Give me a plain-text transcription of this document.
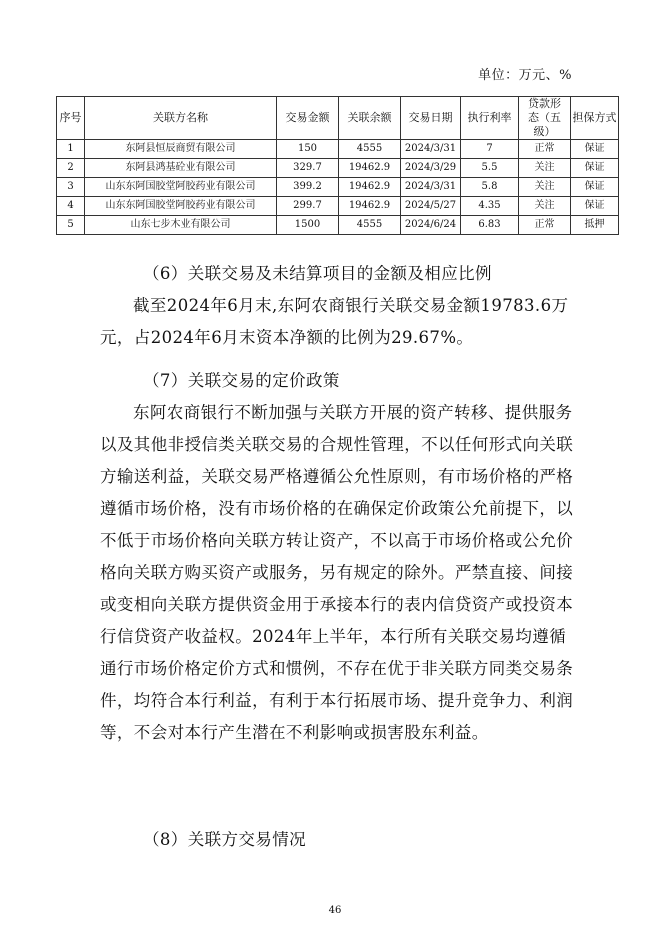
单位：万元、%
序号	关联方名称	交易金额	关联余额	交易日期	执行利率	贷款形态（五级）	担保方式
1	东阿县恒辰商贸有限公司	150	4555	2024/3/31	7	正常	保证
2	东阿县鸿基砼业有限公司	329.7	19462.9	2024/3/29	5.5	关注	保证
3	山东东阿国胶堂阿胶药业有限公司	399.2	19462.9	2024/3/31	5.8	关注	保证
4	山东东阿国胶堂阿胶药业有限公司	299.7	19462.9	2024/5/27	4.35	关注	保证
5	山东七步木业有限公司	1500	4555	2024/6/24	6.83	正常	抵押
（6）关联交易及未结算项目的金额及相应比例
截至2024年6月末,东阿农商银行关联交易金额19783.6万元，占2024年6月末资本净额的比例为29.67%。
（7）关联交易的定价政策
东阿农商银行不断加强与关联方开展的资产转移、提供服务以及其他非授信类关联交易的合规性管理，不以任何形式向关联方输送利益，关联交易严格遵循公允性原则，有市场价格的严格遵循市场价格，没有市场价格的在确保定价政策公允前提下，以不低于市场价格向关联方转让资产，不以高于市场价格或公允价格向关联方购买资产或服务，另有规定的除外。严禁直接、间接或变相向关联方提供资金用于承接本行的表内信贷资产或投资本行信贷资产收益权。2024年上半年，本行所有关联交易均遵循通行市场价格定价方式和惯例，不存在优于非关联方同类交易条件，均符合本行利益，有利于本行拓展市场、提升竞争力、利润等，不会对本行产生潜在不利影响或损害股东利益。
（8）关联方交易情况
46
